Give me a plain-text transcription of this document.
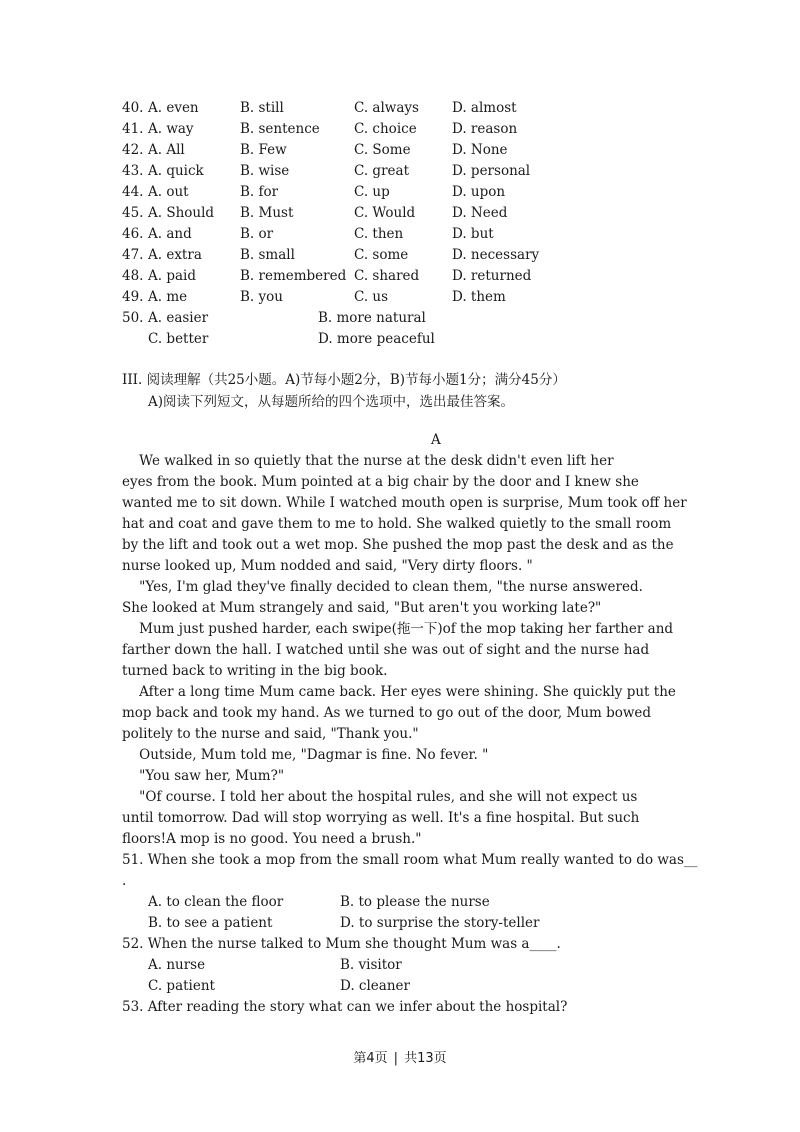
40. A. even	B. still	C. always D. almost
41. A. way	B. sentence	C. choice	D. reason
42. A. All	B. Few	C. Some	D. None
43. A. quick	B. wise	C. great	D. personal
44. A. out	B. for	C. up	D. upon
45. A. Should B. Must	C. Would	D. Need
46. A. and	B. or	C. then	D. but
47. A. extra	B. small	C. some	D. necessary
48. A. paid	B. remembered C. shared D. returned
49. A. me	B. you	C. us	D. them
50. A. easier	B. more natural
C. better	D. more peaceful
III. 阅读理解（共25小题。A)节每小题2分，B)节每小题1分；满分45分）
A)阅读下列短文，从每题所给的四个选项中，选出最佳答案。
A
We walked in so quietly that the nurse at the desk didn't even lift her
eyes from the book. Mum pointed at a big chair by the door and I knew she
wanted me to sit down. While I watched mouth open is surprise, Mum took off her
hat and coat and gave them to me to hold. She walked quietly to the small room
by the lift and took out a wet mop. She pushed the mop past the desk and as the
nurse looked up, Mum nodded and said, "Very dirty floors. "
"Yes, I'm glad they've finally decided to clean them, "the nurse answered.
She looked at Mum strangely and said, "But aren't you working late?"
Mum just pushed harder, each swipe(拖一下)of the mop taking her farther and
farther down the hall. I watched until she was out of sight and the nurse had
turned back to writing in the big book.
After a long time Mum came back. Her eyes were shining. She quickly put the
mop back and took my hand. As we turned to go out of the door, Mum bowed
politely to the nurse and said, "Thank you."
Outside, Mum told me, "Dagmar is fine. No fever. "
"You saw her, Mum?"
"Of course. I told her about the hospital rules, and she will not expect us
until tomorrow. Dad will stop worrying as well. It's a fine hospital. But such
floors!A mop is no good. You need a brush."
51. When she took a mop from the small room what Mum really wanted to do was__
.
A. to clean the floor	B. to please the nurse
B. to see a patient	D. to surprise the story-teller
52. When the nurse talked to Mum she thought Mum was a____.
A. nurse	B. visitor
C. patient	D. cleaner
53. After reading the story what can we infer about the hospital?
第4页 | 共13页
